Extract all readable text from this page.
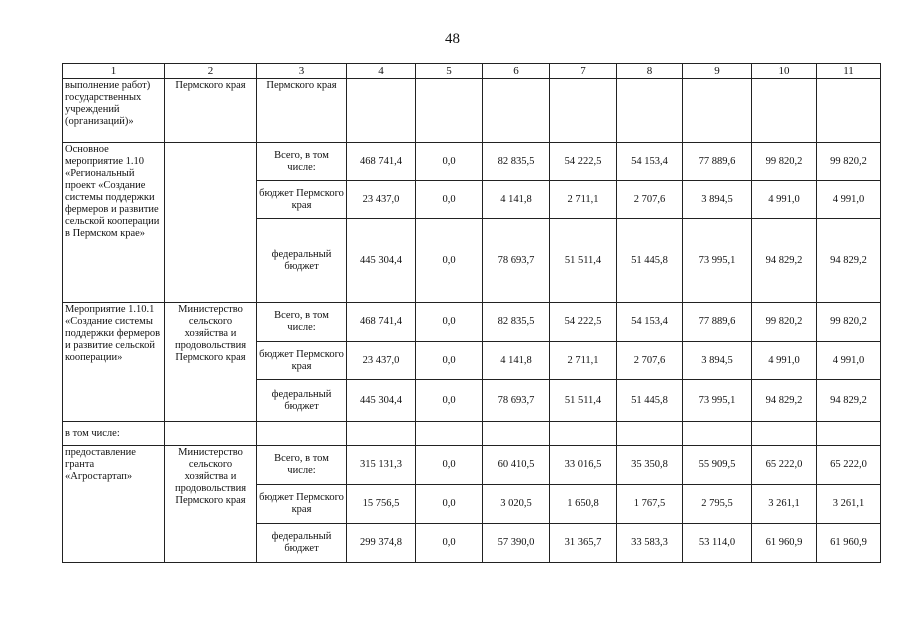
48
1	2	3	4	5	6	7	8	9	10	11
выполнение работ) государственных учреждений (организаций)»	Пермского края	Пермского края								
Основное мероприятие 1.10 «Региональный проект «Создание системы поддержки фермеров и развитие сельской кооперации в Пермском крае»		Всего, в том числе:	468 741,4	0,0	82 835,5	54 222,5	54 153,4	77 889,6	99 820,2	99 820,2
		бюджет Пермского края	23 437,0	0,0	4 141,8	2 711,1	2 707,6	3 894,5	4 991,0	4 991,0
		федеральный бюджет	445 304,4	0,0	78 693,7	51 511,4	51 445,8	73 995,1	94 829,2	94 829,2
Мероприятие 1.10.1 «Создание системы поддержки фермеров и развитие сельской кооперации»	Министерство сельского хозяйства и продовольствия Пермского края	Всего, в том числе:	468 741,4	0,0	82 835,5	54 222,5	54 153,4	77 889,6	99 820,2	99 820,2
		бюджет Пермского края	23 437,0	0,0	4 141,8	2 711,1	2 707,6	3 894,5	4 991,0	4 991,0
		федеральный бюджет	445 304,4	0,0	78 693,7	51 511,4	51 445,8	73 995,1	94 829,2	94 829,2
в том числе:										
предоставление гранта «Агростартап»	Министерство сельского хозяйства и продовольствия Пермского края	Всего, в том числе:	315 131,3	0,0	60 410,5	33 016,5	35 350,8	55 909,5	65 222,0	65 222,0
		бюджет Пермского края	15 756,5	0,0	3 020,5	1 650,8	1 767,5	2 795,5	3 261,1	3 261,1
		федеральный бюджет	299 374,8	0,0	57 390,0	31 365,7	33 583,3	53 114,0	61 960,9	61 960,9
